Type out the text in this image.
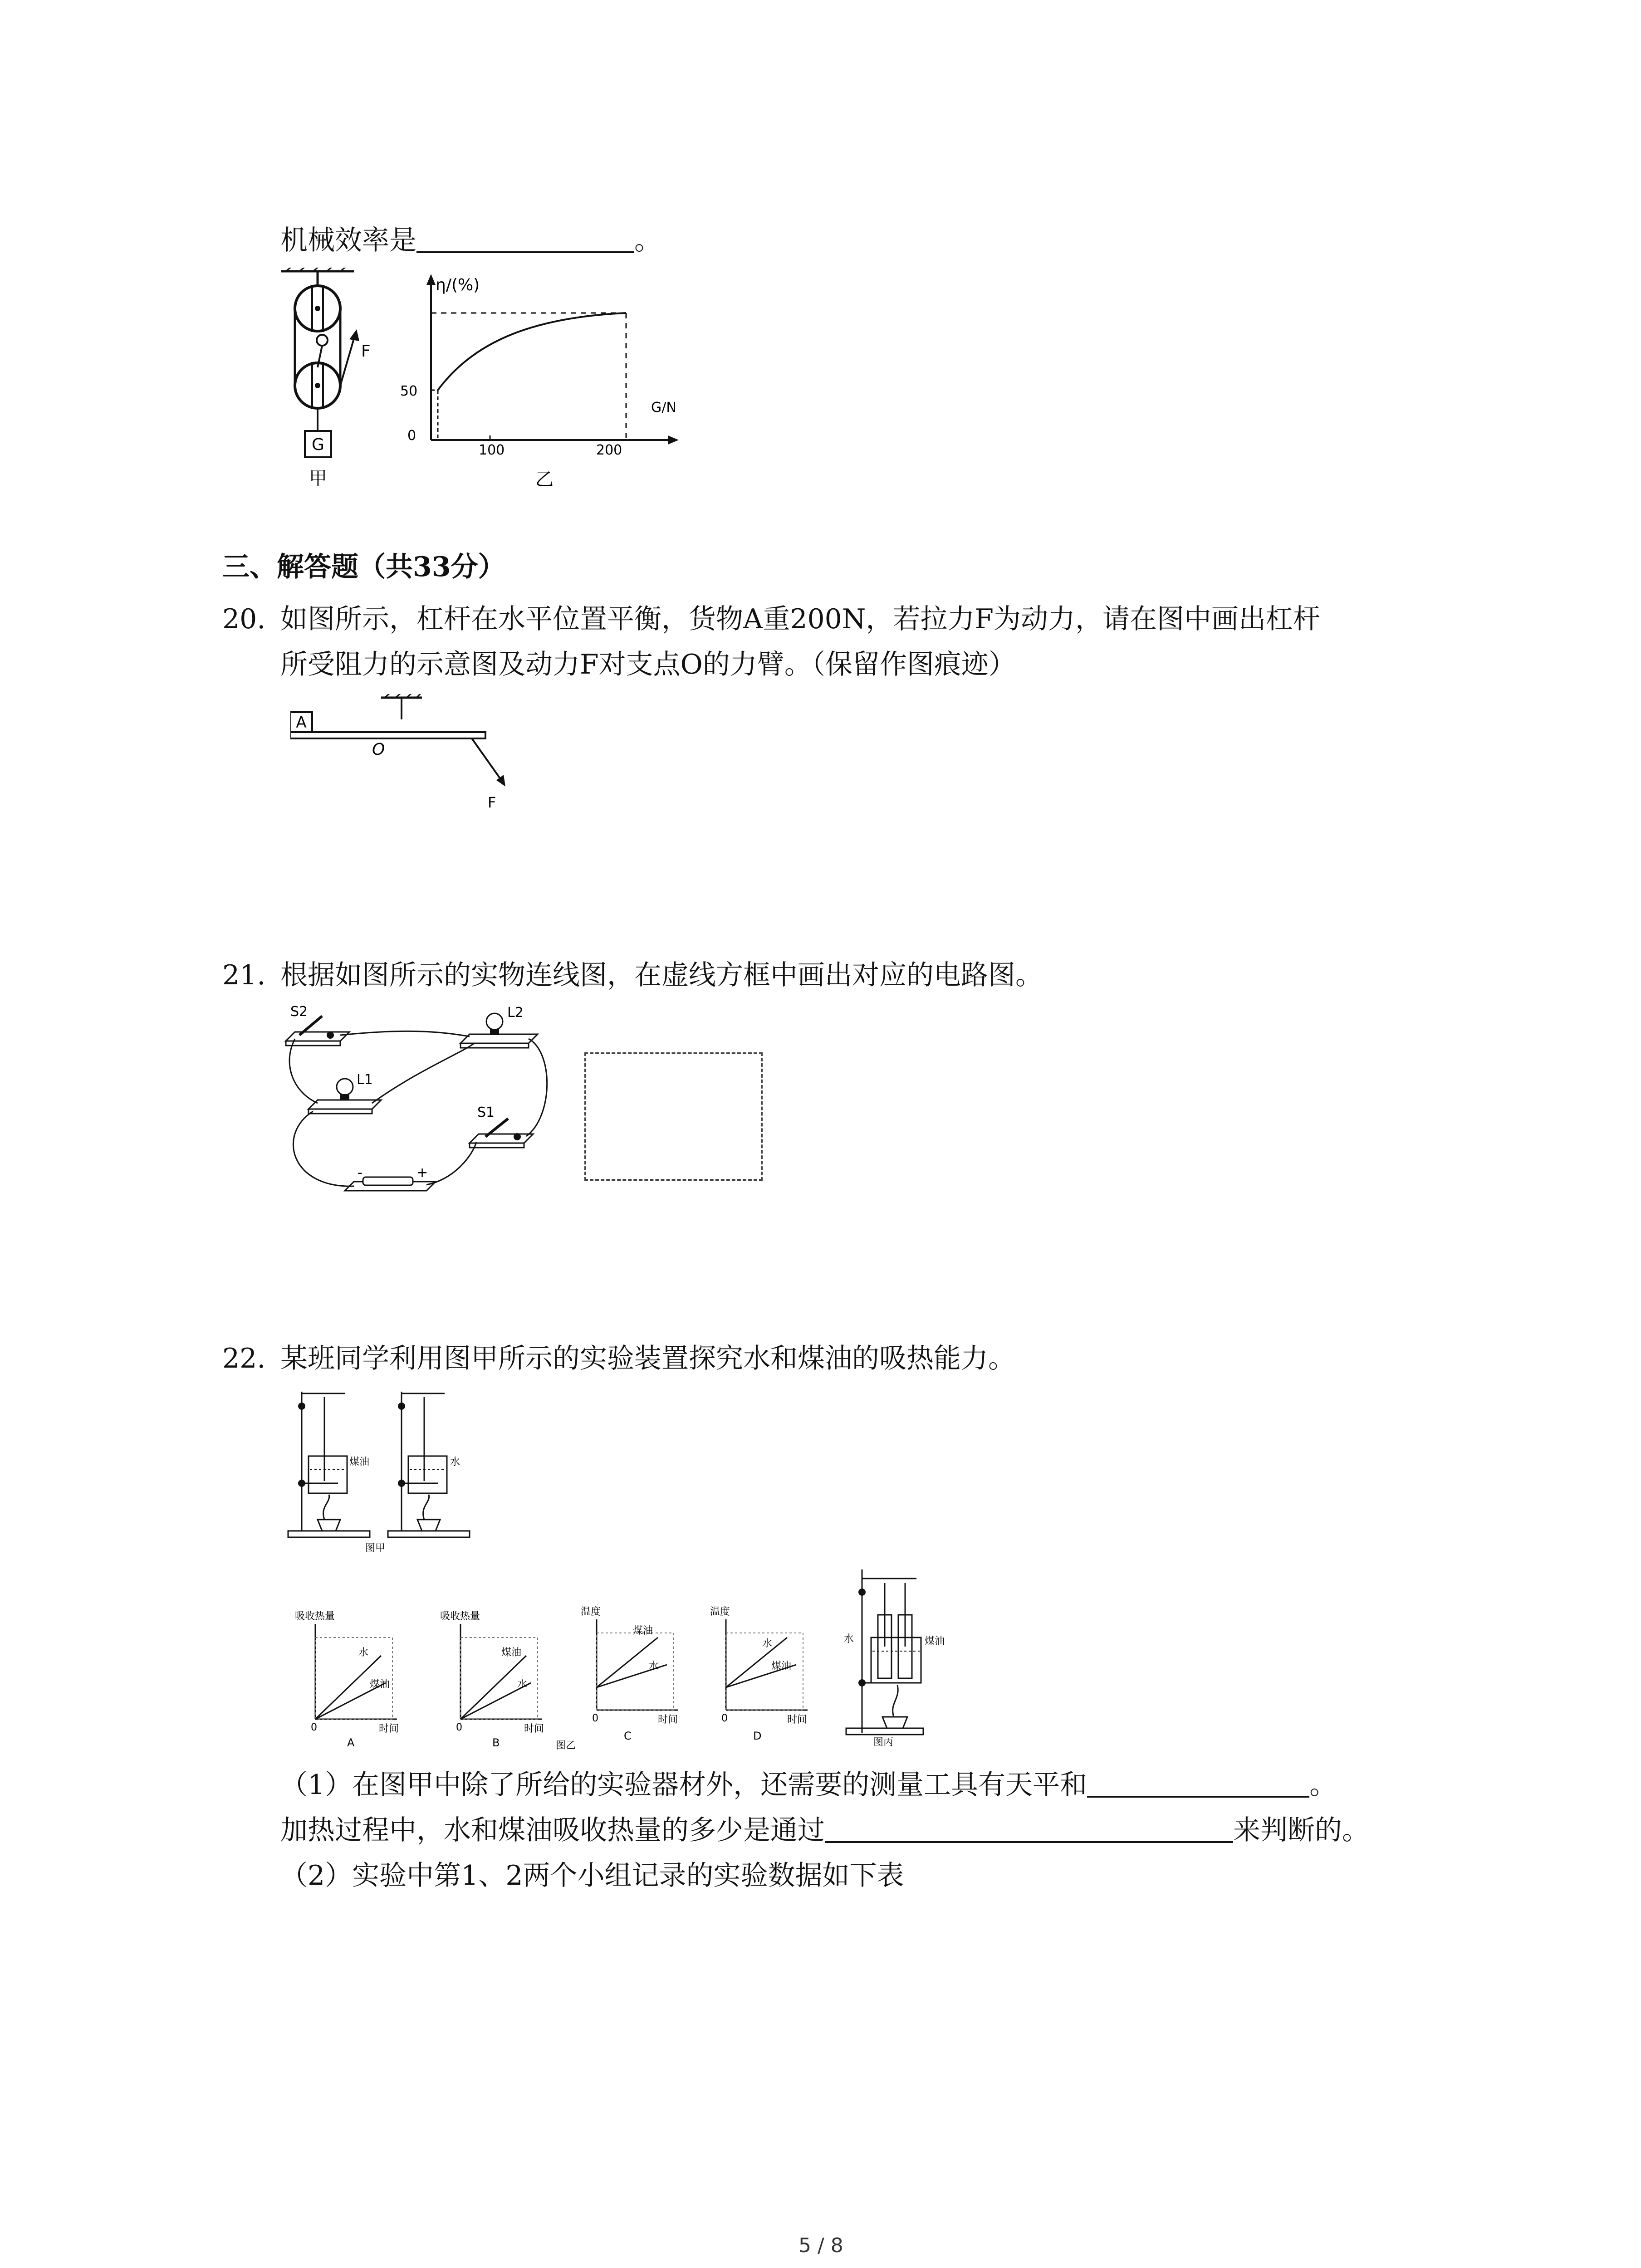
机械效率是	。
F
G
甲
η/(%)
G/N
50
0
100	200
乙
三、解答题（共33分）
20. 如图所示，杠杆在水平位置平衡，货物A重200N，若拉力F为动力，请在图中画出杠杆
所受阻力的示意图及动力F对支点O的力臂。（保留作图痕迹）
A
O
F
21. 根据如图所示的实物连线图，在虚线方框中画出对应的电路图。
S2	L2
L1
S1
-	+
22. 某班同学利用图甲所示的实验装置探究水和煤油的吸热能力。
煤油	水
图甲
吸收热量
水
煤油
0	时间
A
吸收热量
煤油
水
0	时间
B
温度
煤油
水
0	时间
C
图乙
温度
水
煤油
0	时间
D
水	煤油
图丙
（1）在图甲中除了所给的实验器材外，还需要的测量工具有天平和	。
加热过程中，水和煤油吸收热量的多少是通过	来判断的。
（2）实验中第1、2两个小组记录的实验数据如下表
5 / 8
